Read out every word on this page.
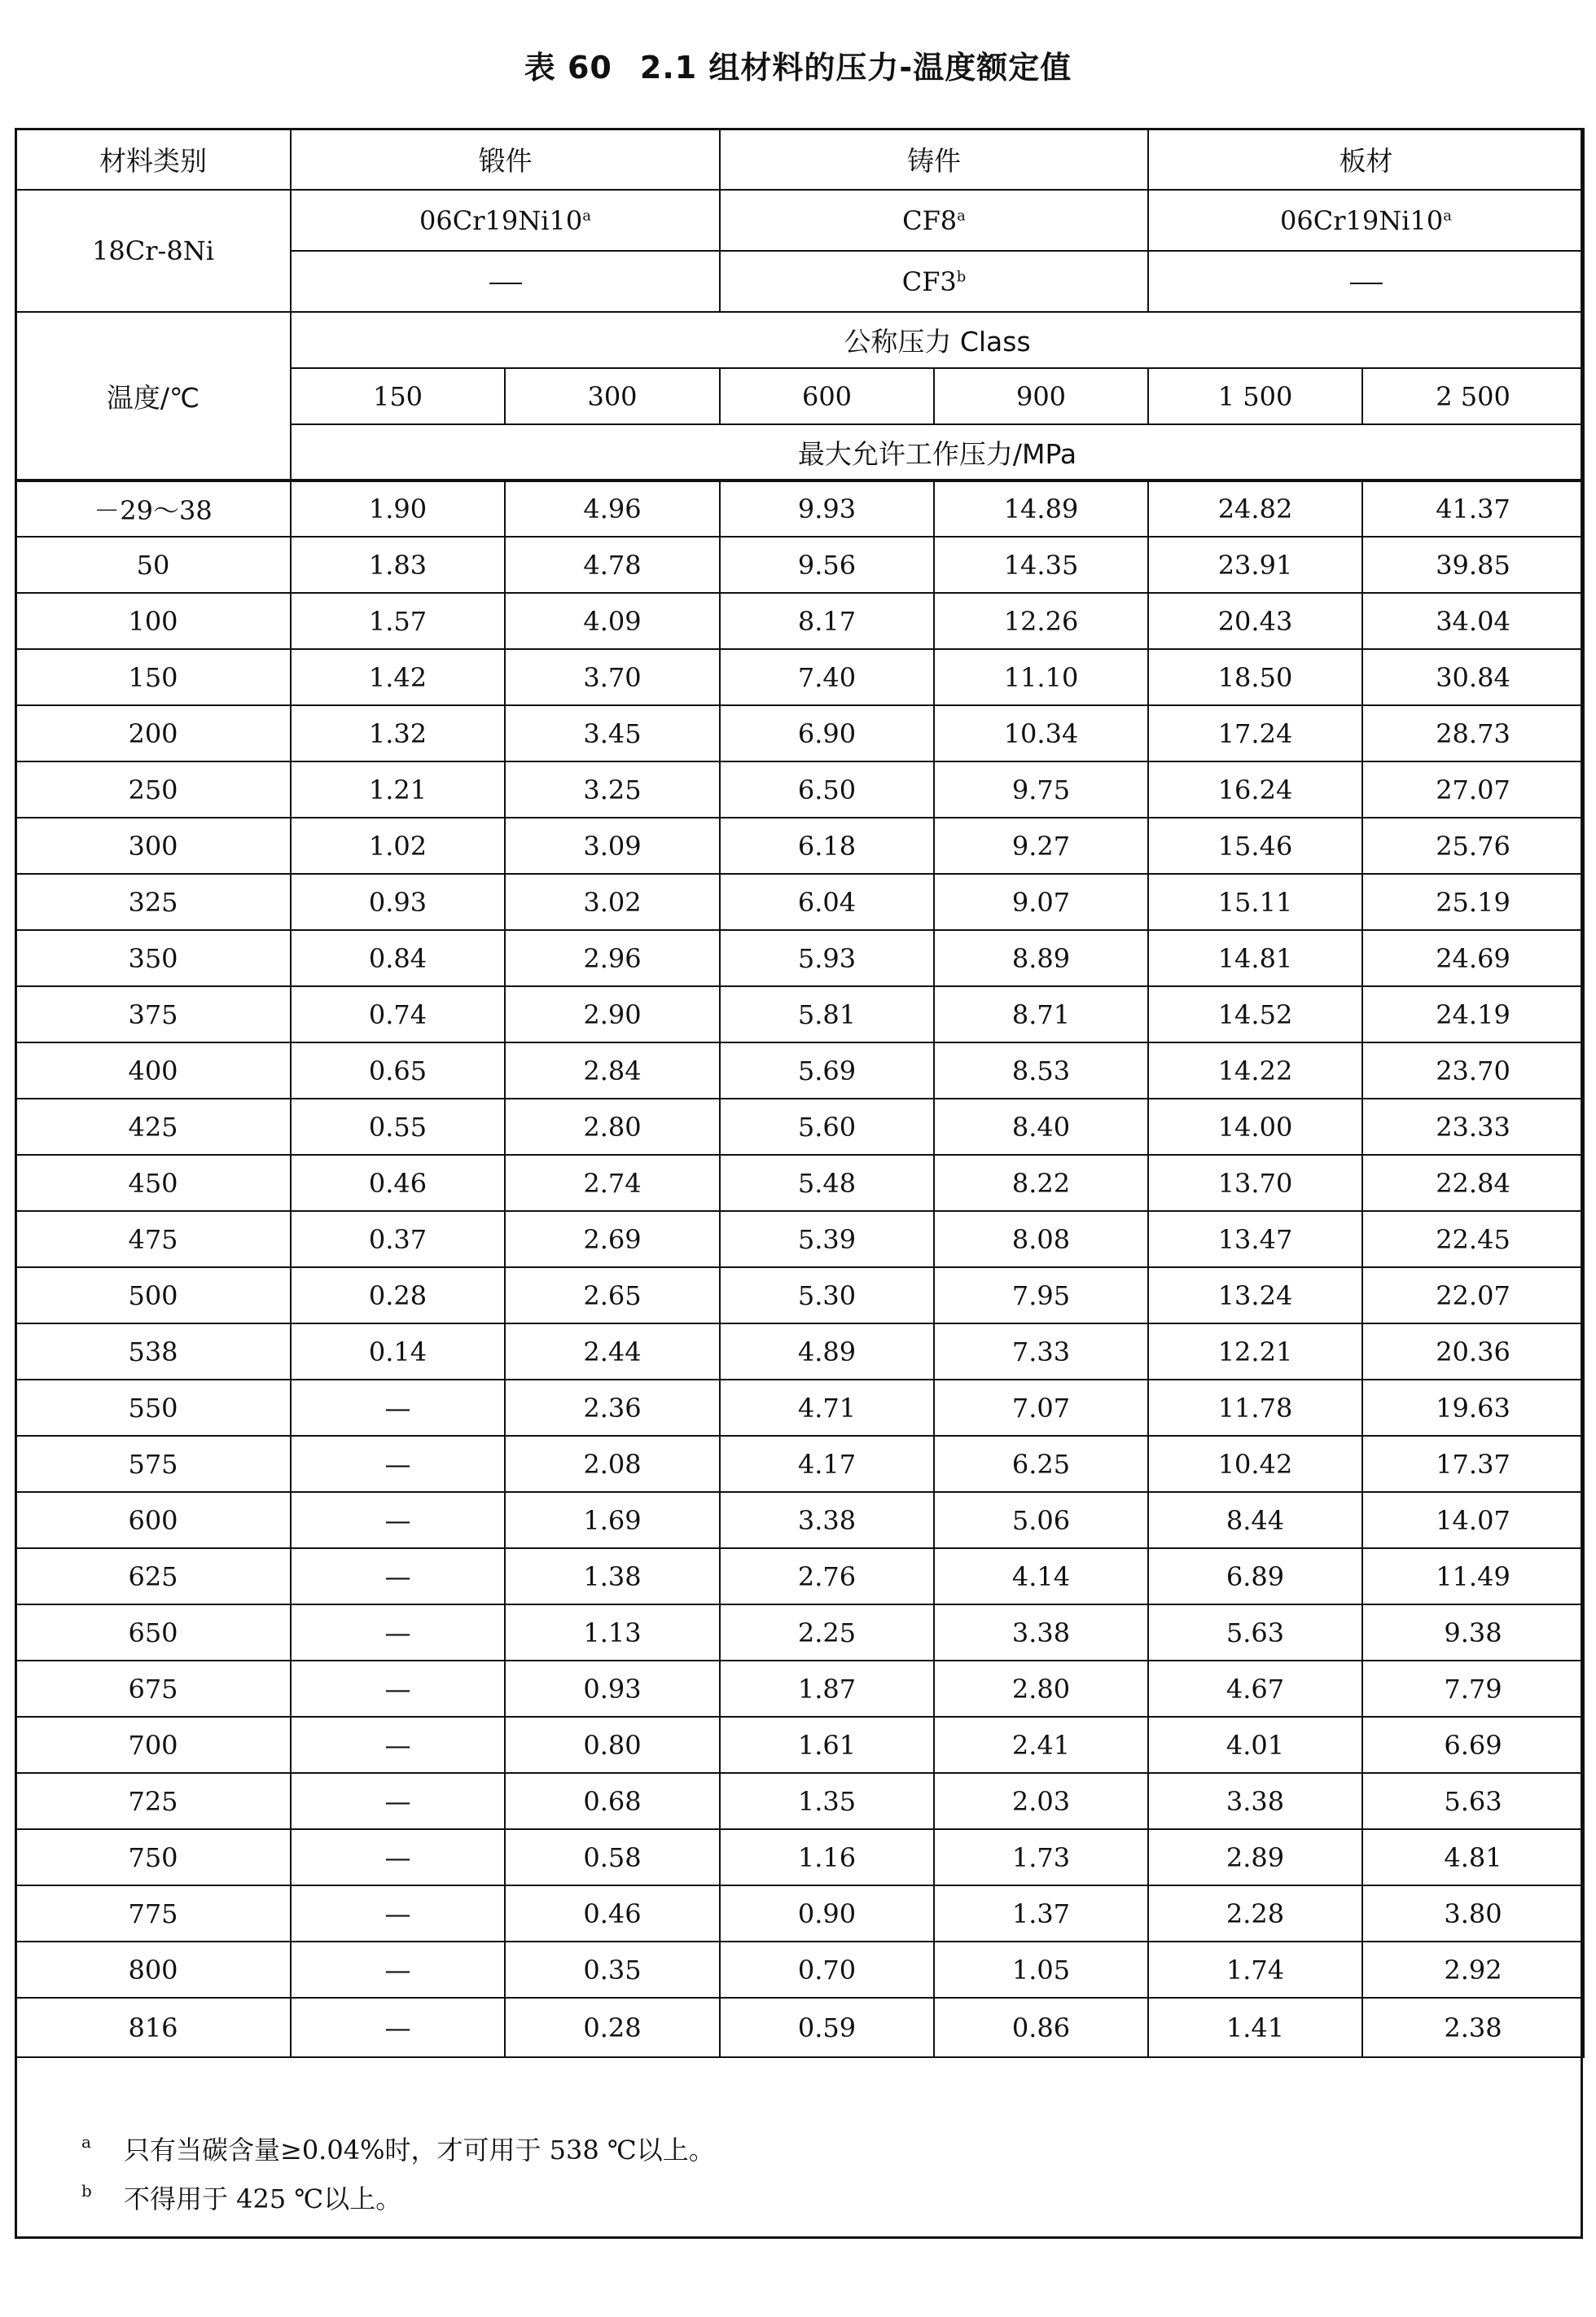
表 60 2.1 组材料的压力-温度额定值
材料类别	锻件		铸件		板材	
18Cr-8Ni	06Cr19Ni10$^a$		CF8$^a$		06Cr19Ni10$^a$
			CF3$^b$	
温度/℃	公称压力 Class					
	150	300	600	900	1 500	2 500
	最大允许工作压力/MPa					
－29～38	1.90	4.96	9.93	14.89	24.82	41.37
50	1.83	4.78	9.56	14.35	23.91	39.85
100	1.57	4.09	8.17	12.26	20.43	34.04
150	1.42	3.70	7.40	11.10	18.50	30.84
200	1.32	3.45	6.90	10.34	17.24	28.73
250	1.21	3.25	6.50	9.75	16.24	27.07
300	1.02	3.09	6.18	9.27	15.46	25.76
325	0.93	3.02	6.04	9.07	15.11	25.19
350	0.84	2.96	5.93	8.89	14.81	24.69
375	0.74	2.90	5.81	8.71	14.52	24.19
400	0.65	2.84	5.69	8.53	14.22	23.70
425	0.55	2.80	5.60	8.40	14.00	23.33
450	0.46	2.74	5.48	8.22	13.70	22.84
475	0.37	2.69	5.39	8.08	13.47	22.45
500	0.28	2.65	5.30	7.95	13.24	22.07
538	0.14	2.44	4.89	7.33	12.21	20.36
550	—	2.36	4.71	7.07	11.78	19.63
575	—	2.08	4.17	6.25	10.42	17.37
600	—	1.69	3.38	5.06	8.44	14.07
625	—	1.38	2.76	4.14	6.89	11.49
650	—	1.13	2.25	3.38	5.63	9.38
675	—	0.93	1.87	2.80	4.67	7.79
700	—	0.80	1.61	2.41	4.01	6.69
725	—	0.68	1.35	2.03	3.38	5.63
750	—	0.58	1.16	1.73	2.89	4.81
775	—	0.46	0.90	1.37	2.28	3.80
800	—	0.35	0.70	1.05	1.74	2.92
816	—	0.28	0.59	0.86	1.41	2.38
a 只有当碳含量≥0.04%时，才可用于 538 ℃以上。
b 不得用于 425 ℃以上。
